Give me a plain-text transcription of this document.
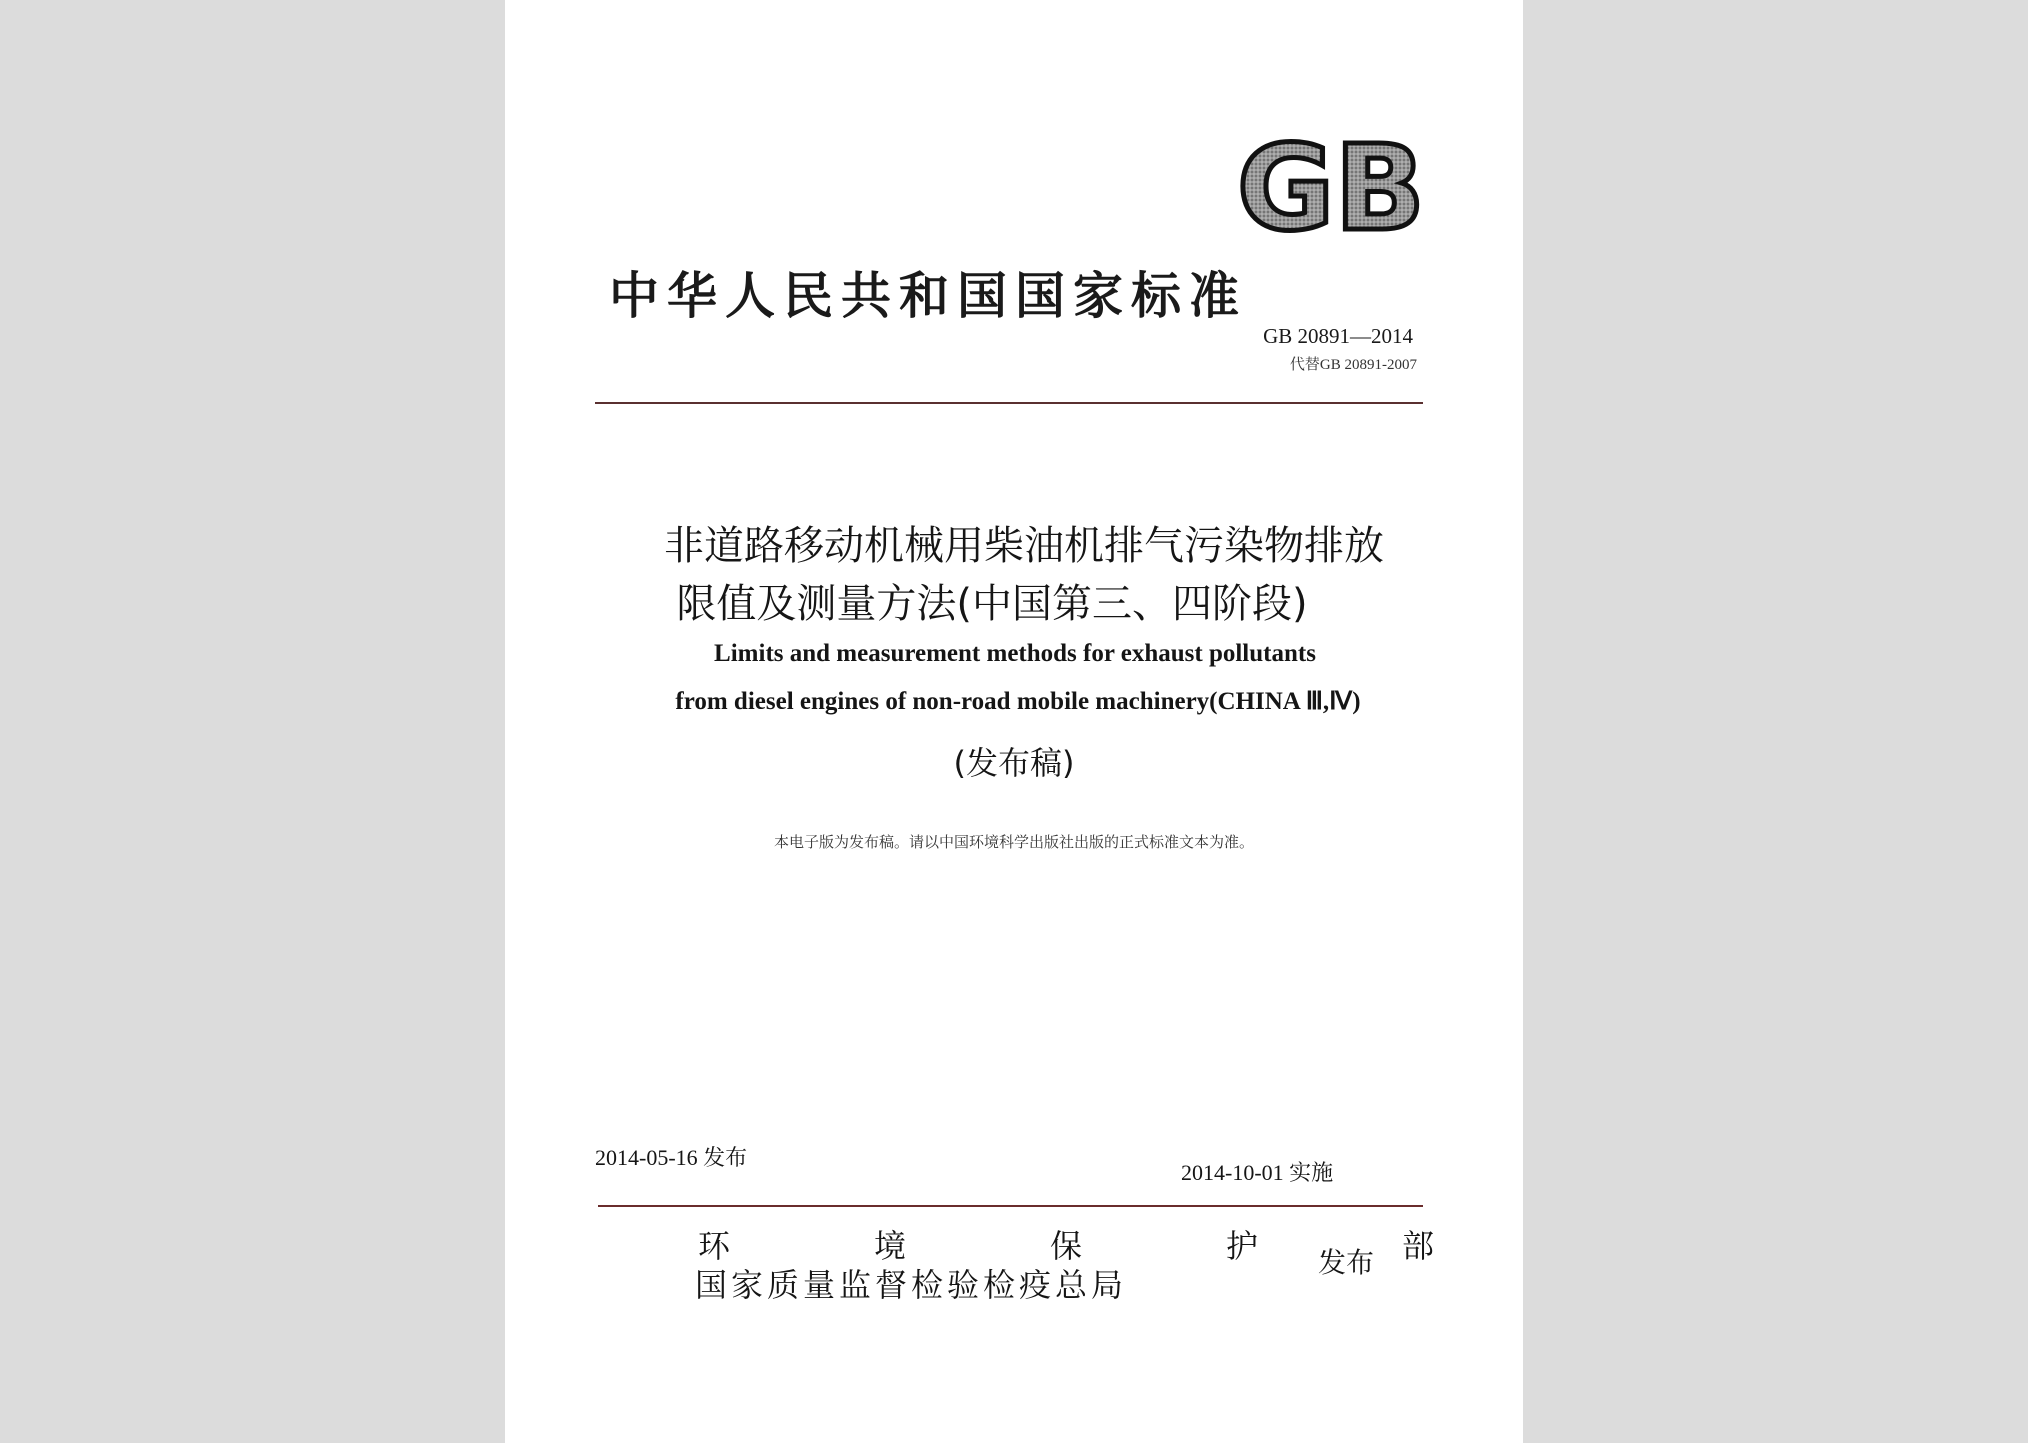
GB
中华人民共和国国家标准
GB 20891—2014
代替GB 20891-2007
非道路移动机械用柴油机排气污染物排放
限值及测量方法(中国第三、四阶段)
Limits and measurement methods for exhaust pollutants
from diesel engines of non-road mobile machinery(CHINA Ⅲ,Ⅳ)
(发布稿)
本电子版为发布稿。请以中国环境科学出版社出版的正式标准文本为准。
2014-05-16 发布
2014-10-01 实施
环	境	保	护	部
国家质量监督检验检疫总局
发布
